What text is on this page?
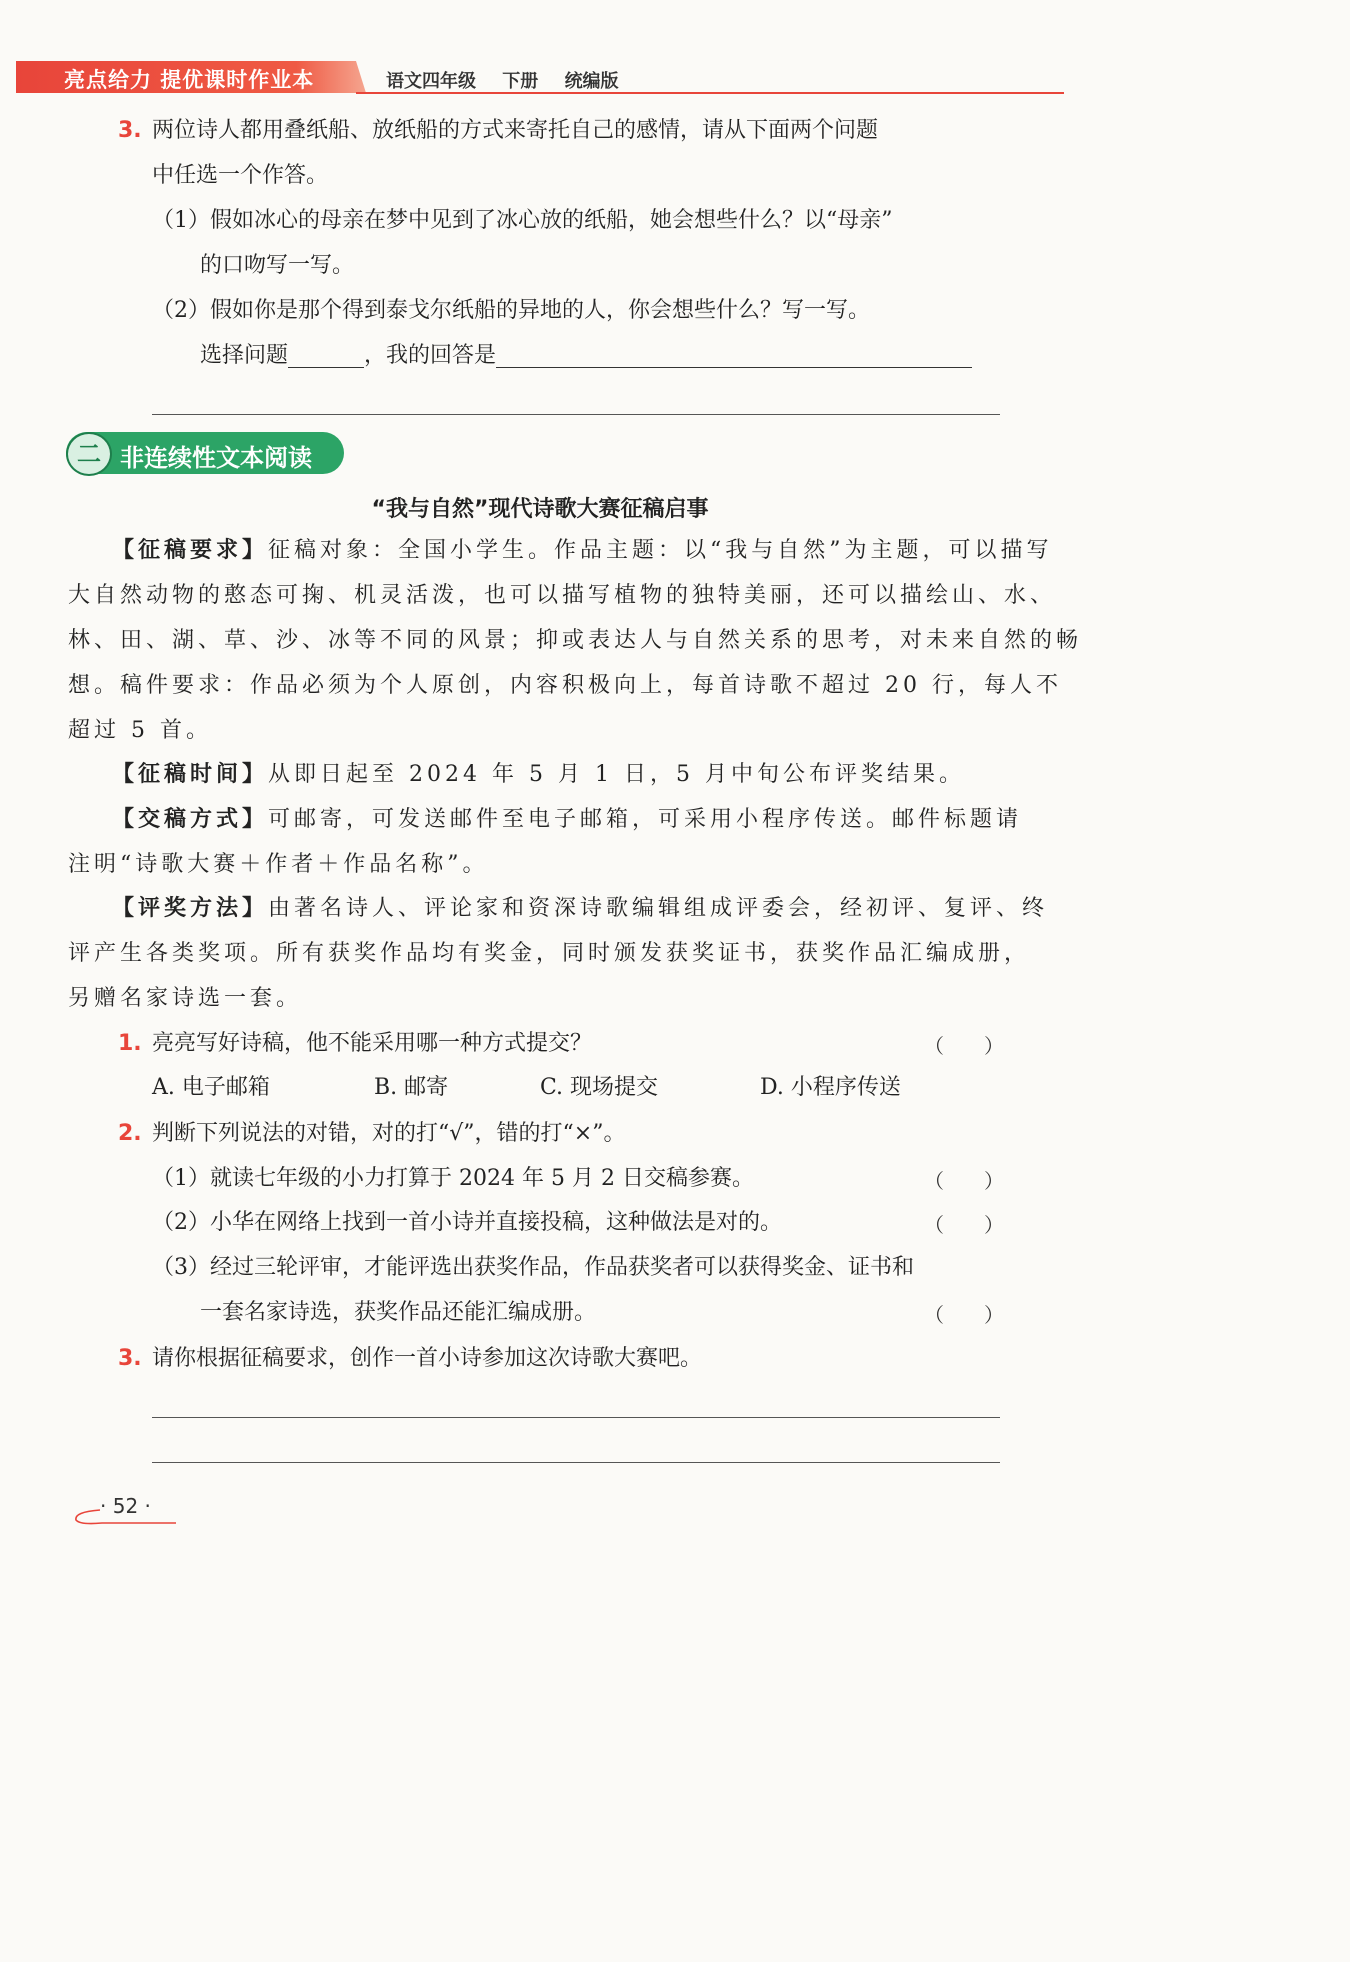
亮点给力 提优课时作业本	语文四年级 下册 统编版
3. 两位诗人都用叠纸船、放纸船的方式来寄托自己的感情，请从下面两个问题
中任选一个作答。
（1）假如冰心的母亲在梦中见到了冰心放的纸船，她会想些什么？以“母亲”
的口吻写一写。
（2）假如你是那个得到泰戈尔纸船的异地的人，你会想些什么？写一写。
选择问题	，我的回答是
二 非连续性文本阅读
“我与自然”现代诗歌大赛征稿启事
【征稿要求】征稿对象：全国小学生。作品主题：以“我与自然”为主题，可以描写
大自然动物的憨态可掬、机灵活泼，也可以描写植物的独特美丽，还可以描绘山、水、
林、田、湖、草、沙、冰等不同的风景；抑或表达人与自然关系的思考，对未来自然的畅
想。稿件要求：作品必须为个人原创，内容积极向上，每首诗歌不超过 20 行，每人不
超过 5 首。
【征稿时间】从即日起至 2024 年 5 月 1 日，5 月中旬公布评奖结果。
【交稿方式】可邮寄，可发送邮件至电子邮箱，可采用小程序传送。邮件标题请
注明“诗歌大赛＋作者＋作品名称”。
【评奖方法】由著名诗人、评论家和资深诗歌编辑组成评委会，经初评、复评、终
评产生各类奖项。所有获奖作品均有奖金，同时颁发获奖证书，获奖作品汇编成册，
另赠名家诗选一套。
1. 亮亮写好诗稿，他不能采用哪一种方式提交？	（）
A. 电子邮箱	B. 邮寄	C. 现场提交	D. 小程序传送
2. 判断下列说法的对错，对的打“√”，错的打“×”。
（1）就读七年级的小力打算于 2024 年 5 月 2 日交稿参赛。	（）
（2）小华在网络上找到一首小诗并直接投稿，这种做法是对的。	（）
（3）经过三轮评审，才能评选出获奖作品，作品获奖者可以获得奖金、证书和
一套名家诗选，获奖作品还能汇编成册。	（）
3. 请你根据征稿要求，创作一首小诗参加这次诗歌大赛吧。
· 52 ·
